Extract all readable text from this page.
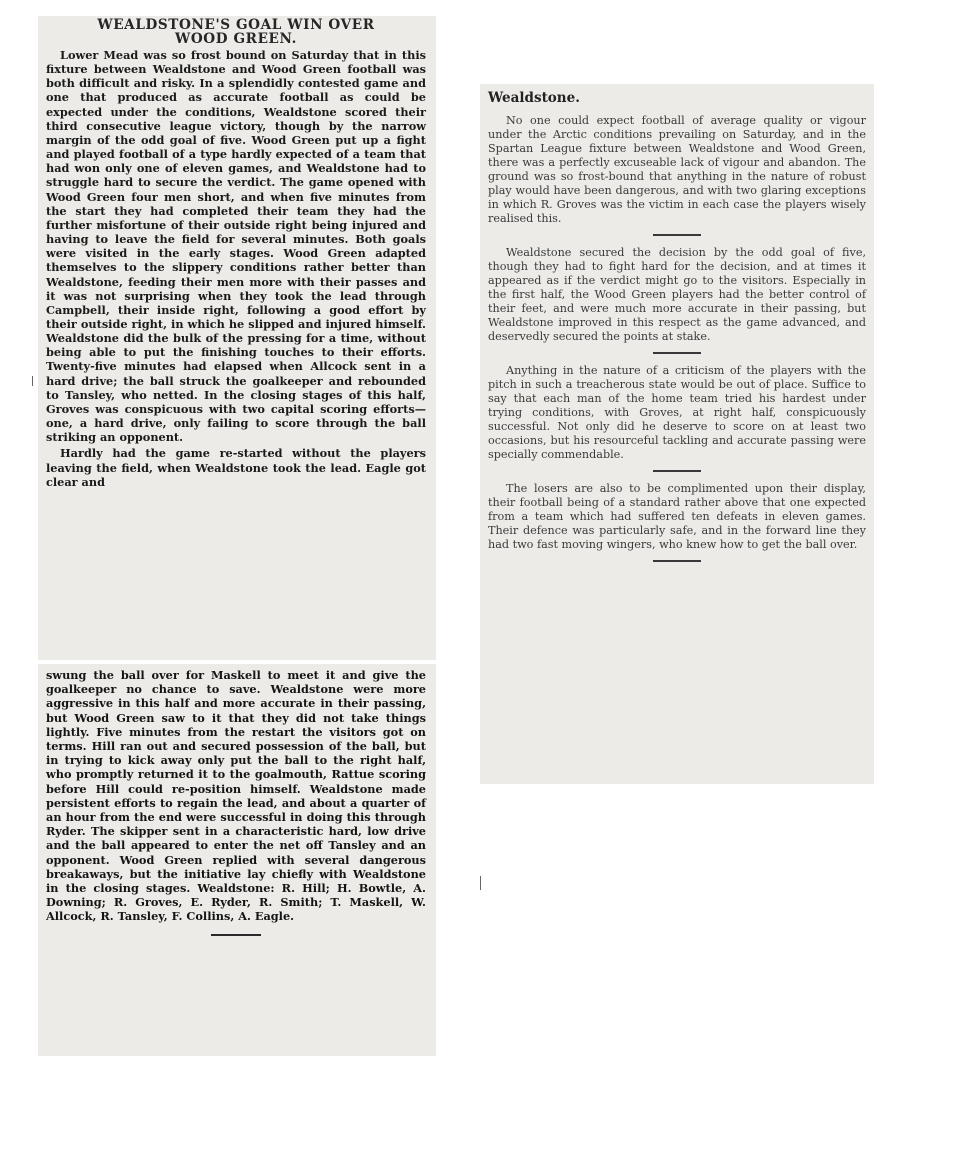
WEALDSTONE'S GOAL WIN OVER
WOOD GREEN.

Lower Mead was so frost bound on Saturday that in this fixture between Wealdstone and Wood Green football was both difficult and risky. In a splendidly contested game and one that produced as accurate football as could be expected under the conditions, Wealdstone scored their third consecutive league victory, though by the narrow margin of the odd goal of five. Wood Green put up a fight and played football of a type hardly expected of a team that had won only one of eleven games, and Wealdstone had to struggle hard to secure the verdict. The game opened with Wood Green four men short, and when five minutes from the start they had completed their team they had the further misfortune of their outside right being injured and having to leave the field for several minutes. Both goals were visited in the early stages. Wood Green adapted themselves to the slippery conditions rather better than Wealdstone, feeding their men more with their passes and it was not surprising when they took the lead through Campbell, their inside right, following a good effort by their outside right, in which he slipped and injured himself. Wealdstone did the bulk of the pressing for a time, without being able to put the finishing touches to their efforts. Twenty-five minutes had elapsed when Allcock sent in a hard drive; the ball struck the goalkeeper and rebounded to Tansley, who netted. In the closing stages of this half, Groves was conspicuous with two capital scoring efforts—one, a hard drive, only failing to score through the ball striking an opponent.

Hardly had the game re-started without the players leaving the field, when Wealdstone took the lead. Eagle got clear and

swung the ball over for Maskell to meet it and give the goalkeeper no chance to save. Wealdstone were more aggressive in this half and more accurate in their passing, but Wood Green saw to it that they did not take things lightly. Five minutes from the restart the visitors got on terms. Hill ran out and secured possession of the ball, but in trying to kick away only put the ball to the right half, who promptly returned it to the goalmouth, Rattue scoring before Hill could re-position himself. Wealdstone made persistent efforts to regain the lead, and about a quarter of an hour from the end were successful in doing this through Ryder. The skipper sent in a characteristic hard, low drive and the ball appeared to enter the net off Tansley and an opponent. Wood Green replied with several dangerous breakaways, but the initiative lay chiefly with Wealdstone in the closing stages. Wealdstone: R. Hill; H. Bowtle, A. Downing; R. Groves, E. Ryder, R. Smith; T. Maskell, W. Allcock, R. Tansley, F. Collins, A. Eagle.

Wealdstone.

No one could expect football of average quality or vigour under the Arctic conditions prevailing on Saturday, and in the Spartan League fixture between Wealdstone and Wood Green, there was a perfectly excuseable lack of vigour and abandon. The ground was so frost-bound that anything in the nature of robust play would have been dangerous, and with two glaring exceptions in which R. Groves was the victim in each case the players wisely realised this.

Wealdstone secured the decision by the odd goal of five, though they had to fight hard for the decision, and at times it appeared as if the verdict might go to the visitors. Especially in the first half, the Wood Green players had the better control of their feet, and were much more accurate in their passing, but Wealdstone improved in this respect as the game advanced, and deservedly secured the points at stake.

Anything in the nature of a criticism of the players with the pitch in such a treacherous state would be out of place. Suffice to say that each man of the home team tried his hardest under trying conditions, with Groves, at right half, conspicuously successful. Not only did he deserve to score on at least two occasions, but his resourceful tackling and accurate passing were specially commendable.

The losers are also to be complimented upon their display, their football being of a standard rather above that one expected from a team which had suffered ten defeats in eleven games. Their defence was particularly safe, and in the forward line they had two fast moving wingers, who knew how to get the ball over.
